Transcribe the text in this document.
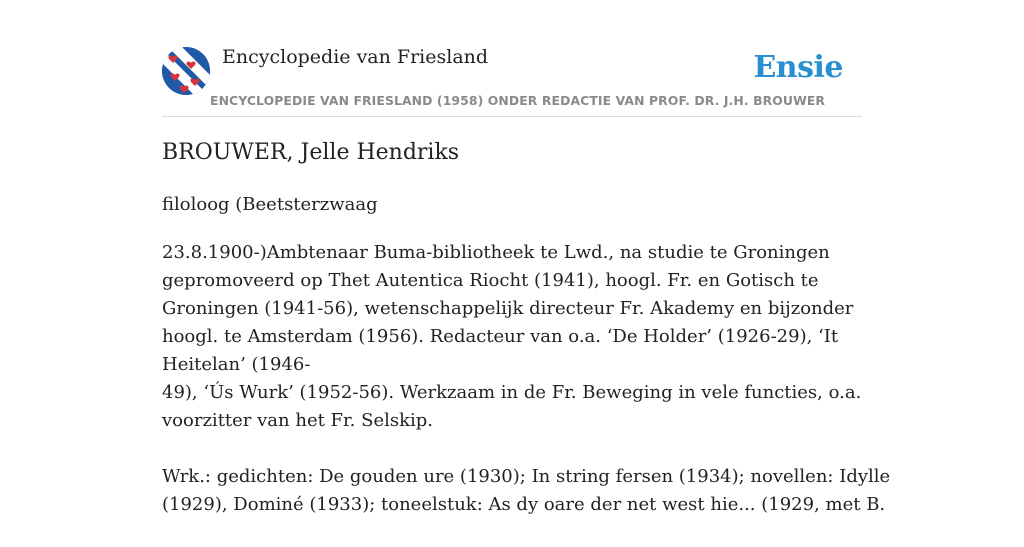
Encyclopedie van Friesland	Ensie
ENCYCLOPEDIE VAN FRIESLAND (1958) ONDER REDACTIE VAN PROF. DR. J.H. BROUWER
BROUWER, Jelle Hendriks
filoloog (Beetsterzwaag

23.8.1900-)Ambtenaar Buma-bibliotheek te Lwd., na studie te Groningen
gepromoveerd op Thet Autentica Riocht (1941), hoogl. Fr. en Gotisch te
Groningen (1941-56), wetenschappelijk directeur Fr. Akademy en bijzonder
hoogl. te Amsterdam (1956). Redacteur van o.a. ‘De Holder’ (1926-29), ‘It
Heitelan’ (1946-
49), ‘Ús Wurk’ (1952-56). Werkzaam in de Fr. Beweging in vele functies, o.a.
voorzitter van het Fr. Selskip.

Wrk.: gedichten: De gouden ure (1930); In string fersen (1934); novellen: Idylle
(1929), Dominé (1933); toneelstuk: As dy oare der net west hie... (1929, met B.
